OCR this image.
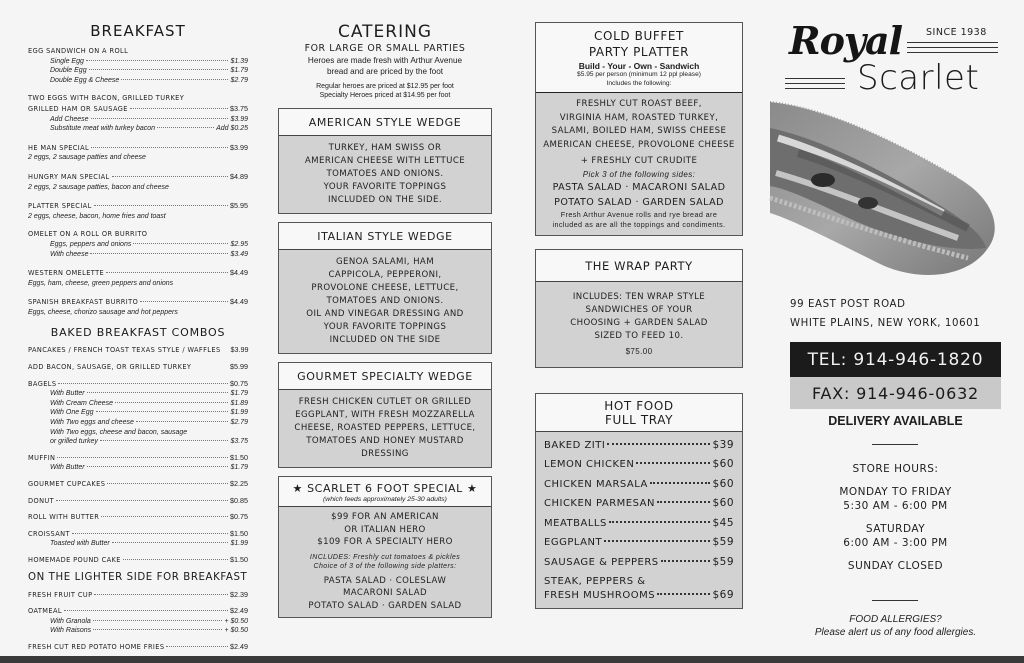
BREAKFAST
EGG SANDWICH ON A ROLL
Single Egg	$1.39
Double Egg	$1.79
Double Egg & Cheese	$2.79
TWO EGGS WITH BACON, GRILLED TURKEY
GRILLED HAM OR SAUSAGE	$3.75
Add Cheese	$3.99
Substitute meat with turkey bacon	Add $0.25
HE MAN SPECIAL	$3.99
2 eggs, 2 sausage patties and cheese
HUNGRY MAN SPECIAL	$4.89
2 eggs, 2 sausage patties, bacon and cheese
PLATTER SPECIAL	$5.95
2 eggs, cheese, bacon, home fries and toast
OMELET ON A ROLL OR BURRITO
Eggs, peppers and onions	$2.95
With cheese	$3.49
WESTERN OMELETTE	$4.49
Eggs, ham, cheese, green peppers and onions
SPANISH BREAKFAST BURRITO	$4.49
Eggs, cheese, chorizo sausage and hot peppers
BAKED BREAKFAST COMBOS
PANCAKES / FRENCH TOAST TEXAS STYLE / WAFFLES $3.99
ADD BACON, SAUSAGE, OR GRILLED TURKEY	$5.99
BAGELS	$0.75
With Butter	$1.79
With Cream Cheese	$1.89
With One Egg	$1.99
With Two eggs and cheese	$2.79
With Two eggs, cheese and bacon, sausage
or grilled turkey	$3.75
MUFFIN	$1.50
With Butter	$1.79
GOURMET CUPCAKES	$2.25
DONUT	$0.85
ROLL WITH BUTTER	$0.75
CROISSANT	$1.50
Toasted with Butter	$1.99
HOMEMADE POUND CAKE	$1.50
ON THE LIGHTER SIDE FOR BREAKFAST
FRESH FRUIT CUP	$2.39
OATMEAL	$2.49
With Granola	+ $0.50
With Raisons	+ $0.50
FRESH CUT RED POTATO HOME FRIES	$2.49
CATERING
FOR LARGE OR SMALL PARTIES
Heroes are made fresh with Arthur Avenue
bread and are priced by the foot
Regular heroes are priced at $12.95 per foot
Specialty Heroes priced at $14.95 per foot
AMERICAN STYLE WEDGE
TURKEY, HAM SWISS OR
AMERICAN CHEESE WITH LETTUCE
TOMATOES AND ONIONS.
YOUR FAVORITE TOPPINGS
INCLUDED ON THE SIDE.
ITALIAN STYLE WEDGE
GENOA SALAMI, HAM
CAPPICOLA, PEPPERONI,
PROVOLONE CHEESE, LETTUCE,
TOMATOES AND ONIONS.
OIL AND VINEGAR DRESSING AND
YOUR FAVORITE TOPPINGS
INCLUDED ON THE SIDE
GOURMET SPECIALTY WEDGE
FRESH CHICKEN CUTLET OR GRILLED
EGGPLANT, WITH FRESH MOZZARELLA
CHEESE, ROASTED PEPPERS, LETTUCE,
TOMATOES AND HONEY MUSTARD
DRESSING
★ SCARLET 6 FOOT SPECIAL ★
(which feeds approximately 25-30 adults)
$99 FOR AN AMERICAN
OR ITALIAN HERO
$109 FOR A SPECIALTY HERO
INCLUDES: Freshly cut tomatoes & pickles
Choice of 3 of the following side platters:
PASTA SALAD · COLESLAW
MACARONI SALAD
POTATO SALAD · GARDEN SALAD
COLD BUFFET
PARTY PLATTER
Build - Your - Own - Sandwich
$5.95 per person (minimum 12 ppl please)
Includes the following:
FRESHLY CUT ROAST BEEF,
VIRGINIA HAM, ROASTED TURKEY,
SALAMI, BOILED HAM, SWISS CHEESE
AMERICAN CHEESE, PROVOLONE CHEESE
+ FRESHLY CUT CRUDITE
Pick 3 of the following sides:
PASTA SALAD · MACARONI SALAD
POTATO SALAD · GARDEN SALAD
Fresh Arthur Avenue rolls and rye bread are
included as are all the toppings and condiments.
THE WRAP PARTY
INCLUDES: TEN WRAP STYLE
SANDWICHES OF YOUR
CHOOSING + GARDEN SALAD
SIZED TO FEED 10.
$75.00
HOT FOOD
FULL TRAY
BAKED ZITI	$39
LEMON CHICKEN	$60
CHICKEN MARSALA	$60
CHICKEN PARMESAN	$60
MEATBALLS	$45
EGGPLANT	$59
SAUSAGE & PEPPERS	$59
STEAK, PEPPERS &
FRESH MUSHROOMS	$69
Royal	SINCE 1938
Scarlet
99 EAST POST ROAD
WHITE PLAINS, NEW YORK, 10601
TEL: 914-946-1820
FAX: 914-946-0632
DELIVERY AVAILABLE
STORE HOURS:
MONDAY TO FRIDAY
5:30 AM - 6:00 PM
SATURDAY
6:00 AM - 3:00 PM
SUNDAY CLOSED
FOOD ALLERGIES?
Please alert us of any food allergies.
